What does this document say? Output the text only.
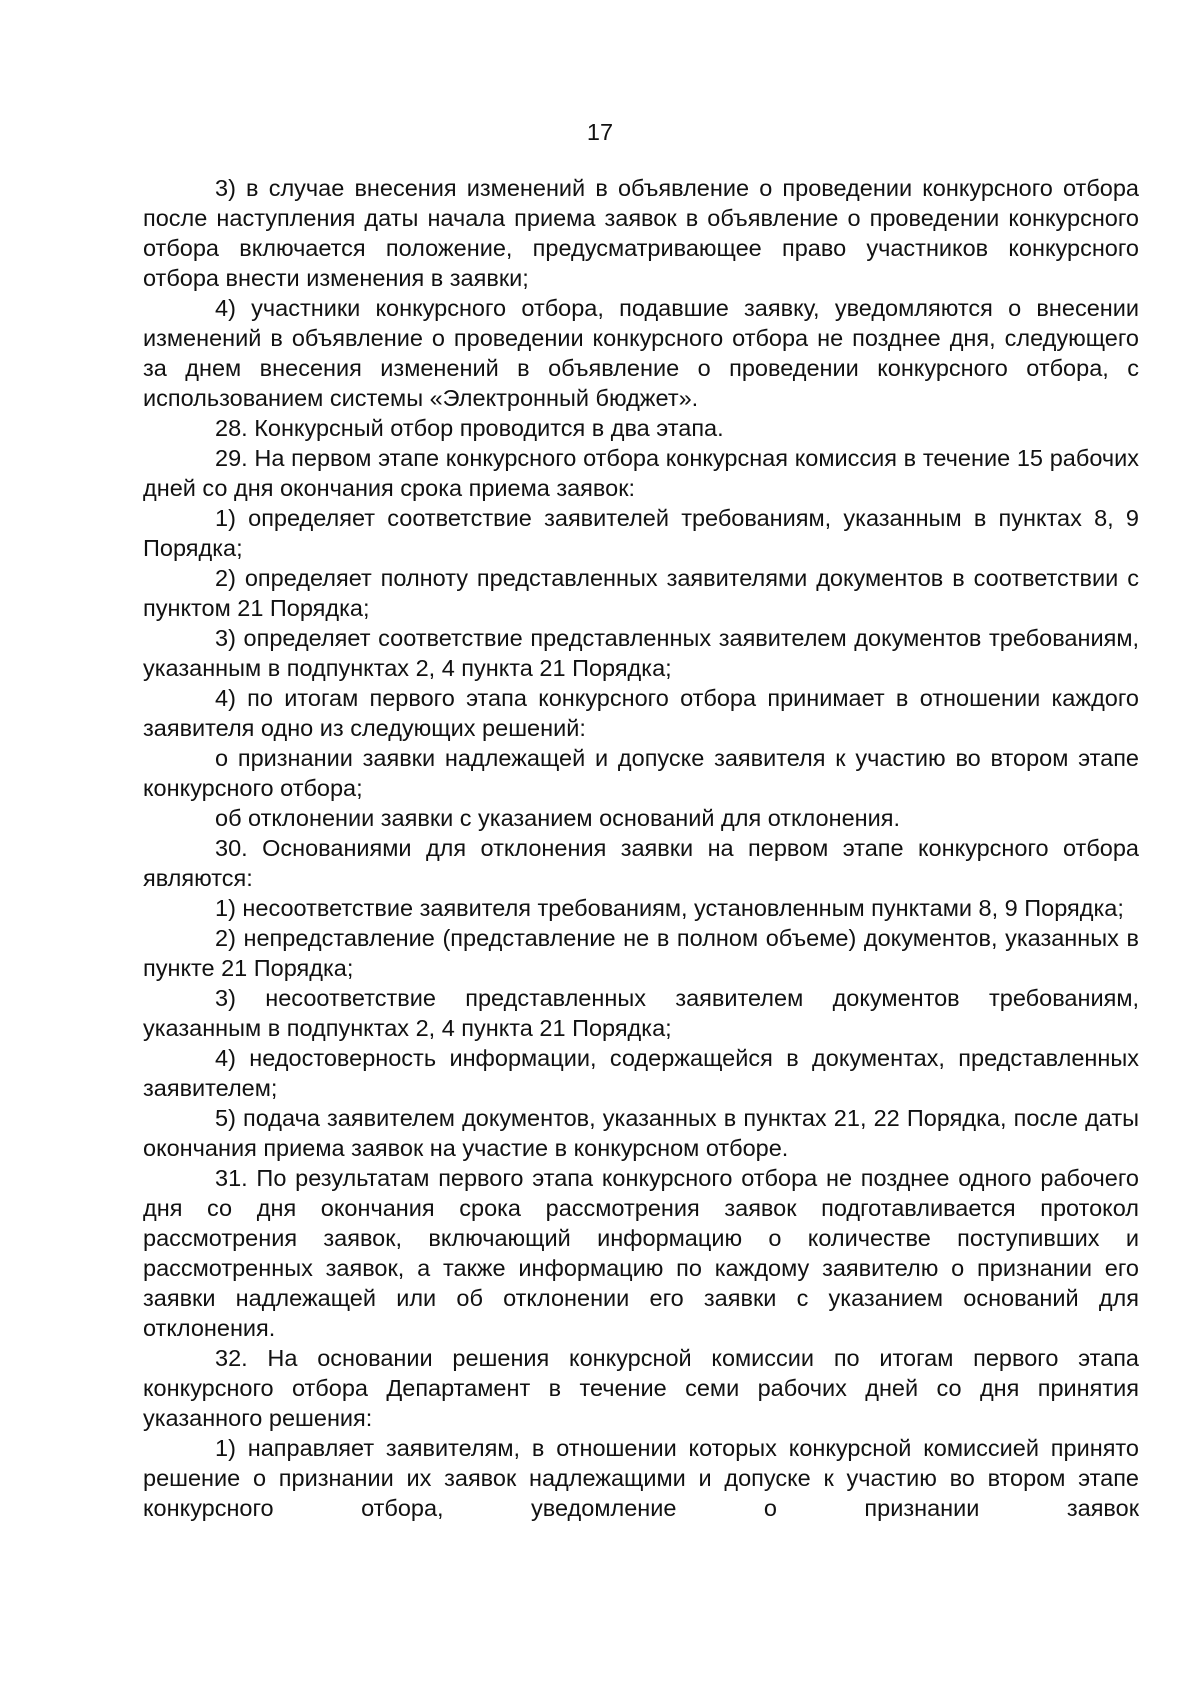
17

3) в случае внесения изменений в объявление о проведении конкурсного отбора после наступления даты начала приема заявок в объявление о проведении конкурсного отбора включается положение, предусматривающее право участников конкурсного отбора внести изменения в заявки;

4) участники конкурсного отбора, подавшие заявку, уведомляются о внесении изменений в объявление о проведении конкурсного отбора не позднее дня, следующего за днем внесения изменений в объявление о проведении конкурсного отбора, с использованием системы «Электронный бюджет».

28. Конкурсный отбор проводится в два этапа.

29. На первом этапе конкурсного отбора конкурсная комиссия в течение 15 рабочих дней со дня окончания срока приема заявок:

1) определяет соответствие заявителей требованиям, указанным в пунктах 8, 9 Порядка;

2) определяет полноту представленных заявителями документов в соответствии с пунктом 21 Порядка;

3) определяет соответствие представленных заявителем документов требованиям, указанным в подпунктах 2, 4 пункта 21 Порядка;

4) по итогам первого этапа конкурсного отбора принимает в отношении каждого заявителя одно из следующих решений:

о признании заявки надлежащей и допуске заявителя к участию во втором этапе конкурсного отбора;

об отклонении заявки с указанием оснований для отклонения.

30. Основаниями для отклонения заявки на первом этапе конкурсного отбора являются:

1) несоответствие заявителя требованиям, установленным пунктами 8, 9 Порядка;

2) непредставление (представление не в полном объеме) документов, указанных в пункте 21 Порядка;

3) несоответствие представленных заявителем документов требованиям, указанным в подпунктах 2, 4 пункта 21 Порядка;

4) недостоверность информации, содержащейся в документах, представленных заявителем;

5) подача заявителем документов, указанных в пунктах 21, 22 Порядка, после даты окончания приема заявок на участие в конкурсном отборе.

31. По результатам первого этапа конкурсного отбора не позднее одного рабочего дня со дня окончания срока рассмотрения заявок подготавливается протокол рассмотрения заявок, включающий информацию о количестве поступивших и рассмотренных заявок, а также информацию по каждому заявителю о признании его заявки надлежащей или об отклонении его заявки с указанием оснований для отклонения.

32. На основании решения конкурсной комиссии по итогам первого этапа конкурсного отбора Департамент в течение семи рабочих дней со дня принятия указанного решения:

1) направляет заявителям, в отношении которых конкурсной комиссией принято решение о признании их заявок надлежащими и допуске к участию во втором этапе конкурсного отбора, уведомление о признании заявок
